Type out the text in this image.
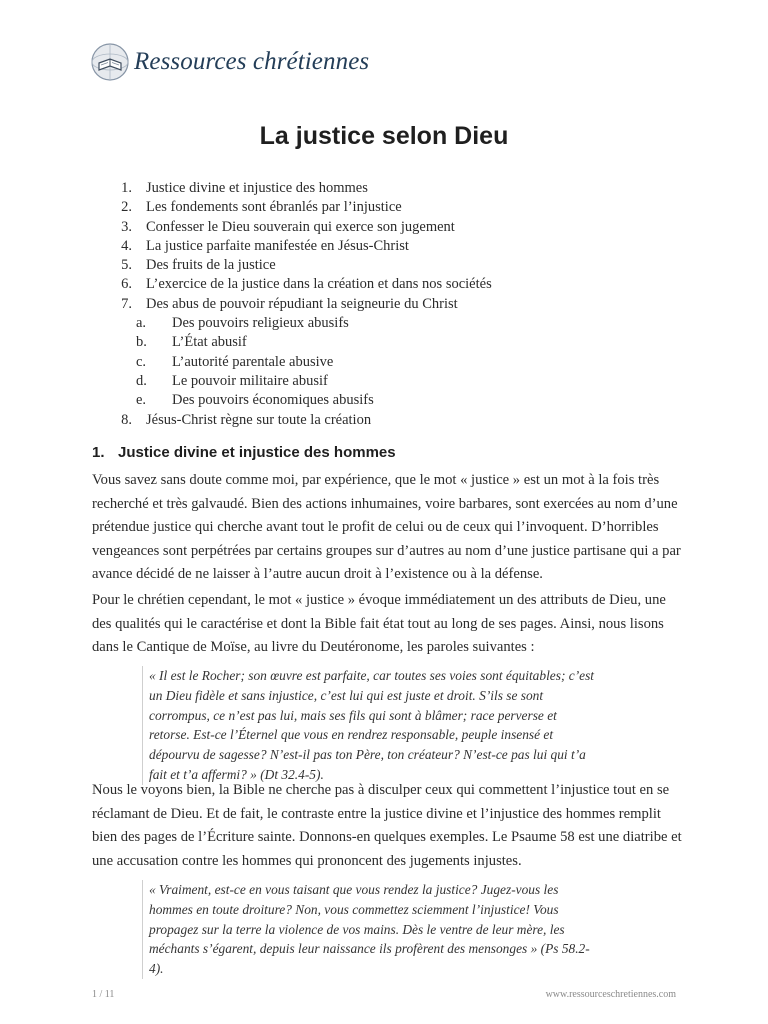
Ressources chrétiennes
La justice selon Dieu
1. Justice divine et injustice des hommes
2. Les fondements sont ébranlés par l’injustice
3. Confesser le Dieu souverain qui exerce son jugement
4. La justice parfaite manifestée en Jésus-Christ
5. Des fruits de la justice
6. L’exercice de la justice dans la création et dans nos sociétés
7. Des abus de pouvoir répudiant la seigneurie du Christ
a. Des pouvoirs religieux abusifs
b. L’État abusif
c. L’autorité parentale abusive
d. Le pouvoir militaire abusif
e. Des pouvoirs économiques abusifs
8. Jésus-Christ règne sur toute la création
1. Justice divine et injustice des hommes

Vous savez sans doute comme moi, par expérience, que le mot « justice » est un mot à la fois très recherché et très galvaudé. Bien des actions inhumaines, voire barbares, sont exercées au nom d’une prétendue justice qui cherche avant tout le profit de celui ou de ceux qui l’invoquent. D’horribles vengeances sont perpétrées par certains groupes sur d’autres au nom d’une justice partisane qui a par avance décidé de ne laisser à l’autre aucun droit à l’existence ou à la défense.

Pour le chrétien cependant, le mot « justice » évoque immédiatement un des attributs de Dieu, une des qualités qui le caractérise et dont la Bible fait état tout au long de ses pages. Ainsi, nous lisons dans le Cantique de Moïse, au livre du Deutéronome, les paroles suivantes :

« Il est le Rocher; son œuvre est parfaite, car toutes ses voies sont équitables; c’est un Dieu fidèle et sans injustice, c’est lui qui est juste et droit. S’ils se sont corrompus, ce n’est pas lui, mais ses fils qui sont à blâmer; race perverse et retorse. Est-ce l’Éternel que vous en rendrez responsable, peuple insensé et dépourvu de sagesse? N’est-il pas ton Père, ton créateur? N’est-ce pas lui qui t’a fait et t’a affermi? » (Dt 32.4-5).

Nous le voyons bien, la Bible ne cherche pas à disculper ceux qui commettent l’injustice tout en se réclamant de Dieu. Et de fait, le contraste entre la justice divine et l’injustice des hommes remplit bien des pages de l’Écriture sainte. Donnons-en quelques exemples. Le Psaume 58 est une diatribe et une accusation contre les hommes qui prononcent des jugements injustes.

« Vraiment, est-ce en vous taisant que vous rendez la justice? Jugez-vous les hommes en toute droiture? Non, vous commettez sciemment l’injustice! Vous propagez sur la terre la violence de vos mains. Dès le ventre de leur mère, les méchants s’égarent, depuis leur naissance ils profèrent des mensonges » (Ps 58.2-4).

1 / 11	www.ressourceschretiennes.com
